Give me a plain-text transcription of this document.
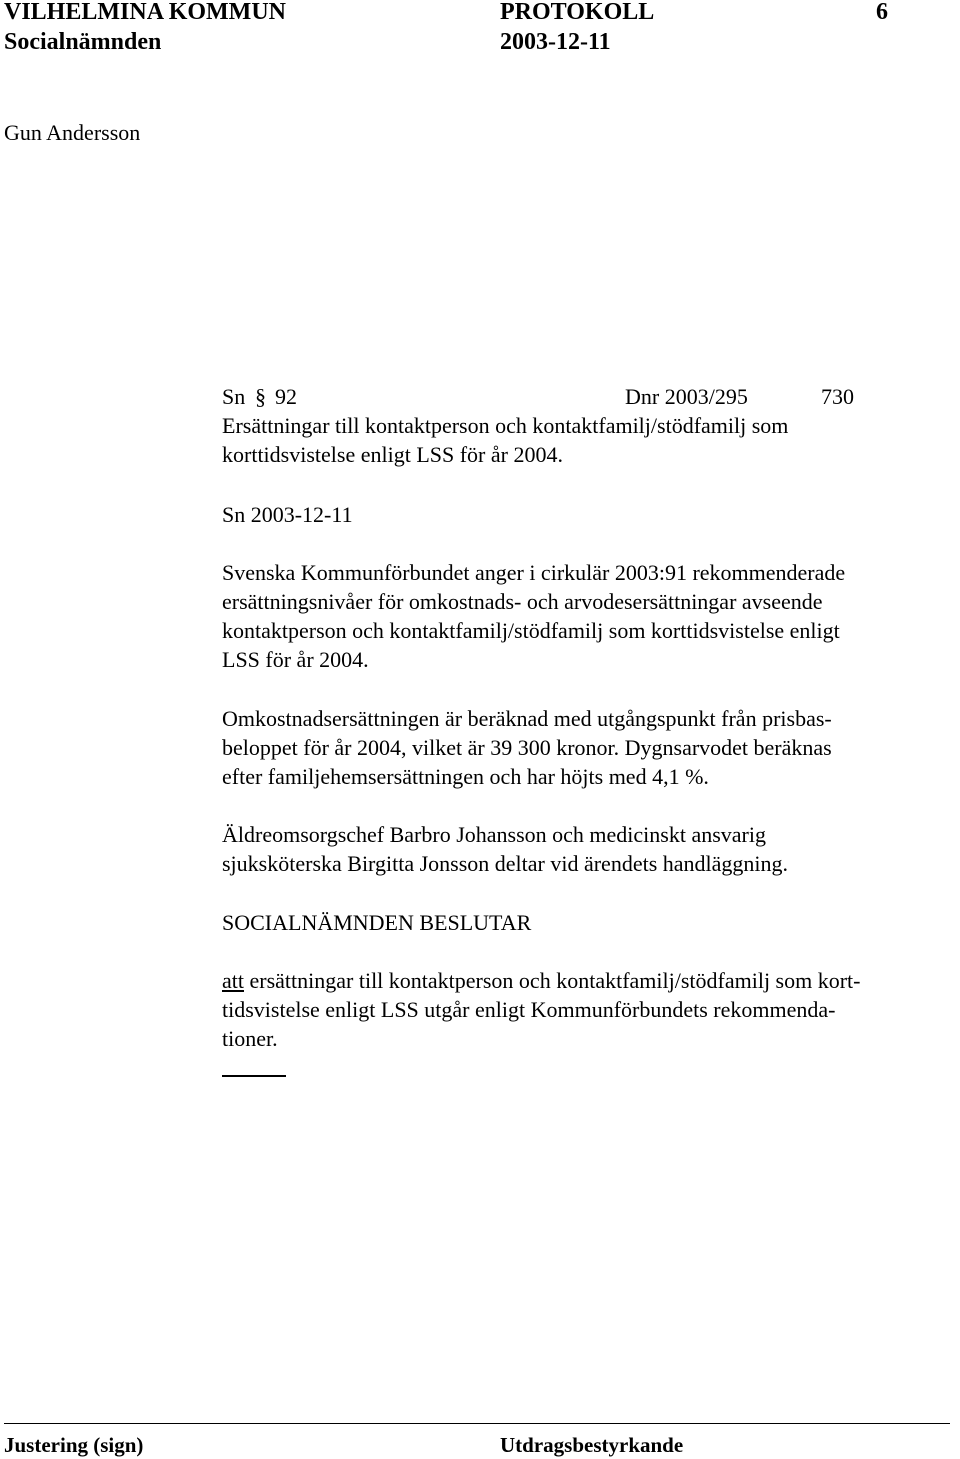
VILHELMINA KOMMUN	PROTOKOLL	6
Socialnämnden	2003-12-11
Gun Andersson
Sn § 92	Dnr 2003/295	730
Ersättningar till kontaktperson och kontaktfamilj/stödfamilj som
korttidsvistelse enligt LSS för år 2004.
Sn 2003-12-11
Svenska Kommunförbundet anger i cirkulär 2003:91 rekommenderade
ersättningsnivåer för omkostnads- och arvodesersättningar avseende
kontaktperson och kontaktfamilj/stödfamilj som korttidsvistelse enligt
LSS för år 2004.
Omkostnadsersättningen är beräknad med utgångspunkt från prisbas-
beloppet för år 2004, vilket är 39 300 kronor. Dygnsarvodet beräknas
efter familjehemsersättningen och har höjts med 4,1 %.
Äldreomsorgschef Barbro Johansson och medicinskt ansvarig
sjuksköterska Birgitta Jonsson deltar vid ärendets handläggning.
SOCIALNÄMNDEN BESLUTAR
att ersättningar till kontaktperson och kontaktfamilj/stödfamilj som kort-
tidsvistelse enligt LSS utgår enligt Kommunförbundets rekommenda-
tioner.
Justering (sign)	Utdragsbestyrkande
